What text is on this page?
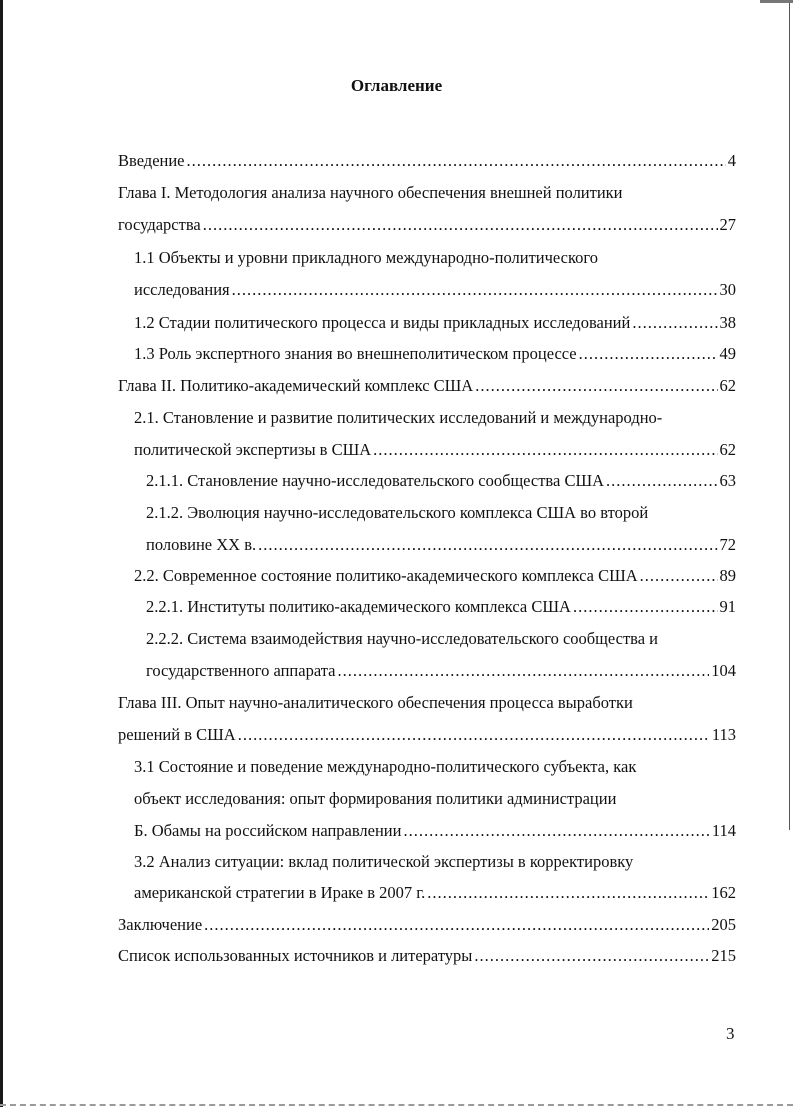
Оглавление
Введение .....	4
Глава I. Методология анализа научного обеспечения внешней политики
государства .....	27
1.1 Объекты и уровни прикладного международно-политического
исследования .....	30
1.2 Стадии политического процесса и виды прикладных исследований .....	38
1.3 Роль экспертного знания во внешнеполитическом процессе .....	49
Глава II. Политико-академический комплекс США .....	62
2.1. Становление и развитие политических исследований и международно-
политической экспертизы в США .....	62
2.1.1. Становление научно-исследовательского сообщества США .....	63
2.1.2. Эволюция научно-исследовательского комплекса США во второй
половине XX в. .....	72
2.2. Современное состояние политико-академического комплекса США .....	89
2.2.1. Институты политико-академического комплекса США .....	91
2.2.2. Система взаимодействия научно-исследовательского сообщества и
государственного аппарата .....	104
Глава III. Опыт научно-аналитического обеспечения процесса выработки
решений в США .....	113
3.1 Состояние и поведение международно-политического субъекта, как
объект исследования: опыт формирования политики администрации
Б. Обамы на российском направлении .....	114
3.2 Анализ ситуации: вклад политической экспертизы в корректировку
американской стратегии в Ираке в 2007 г. .....	162
Заключение .....	205
Список использованных источников и литературы .....	215
3
